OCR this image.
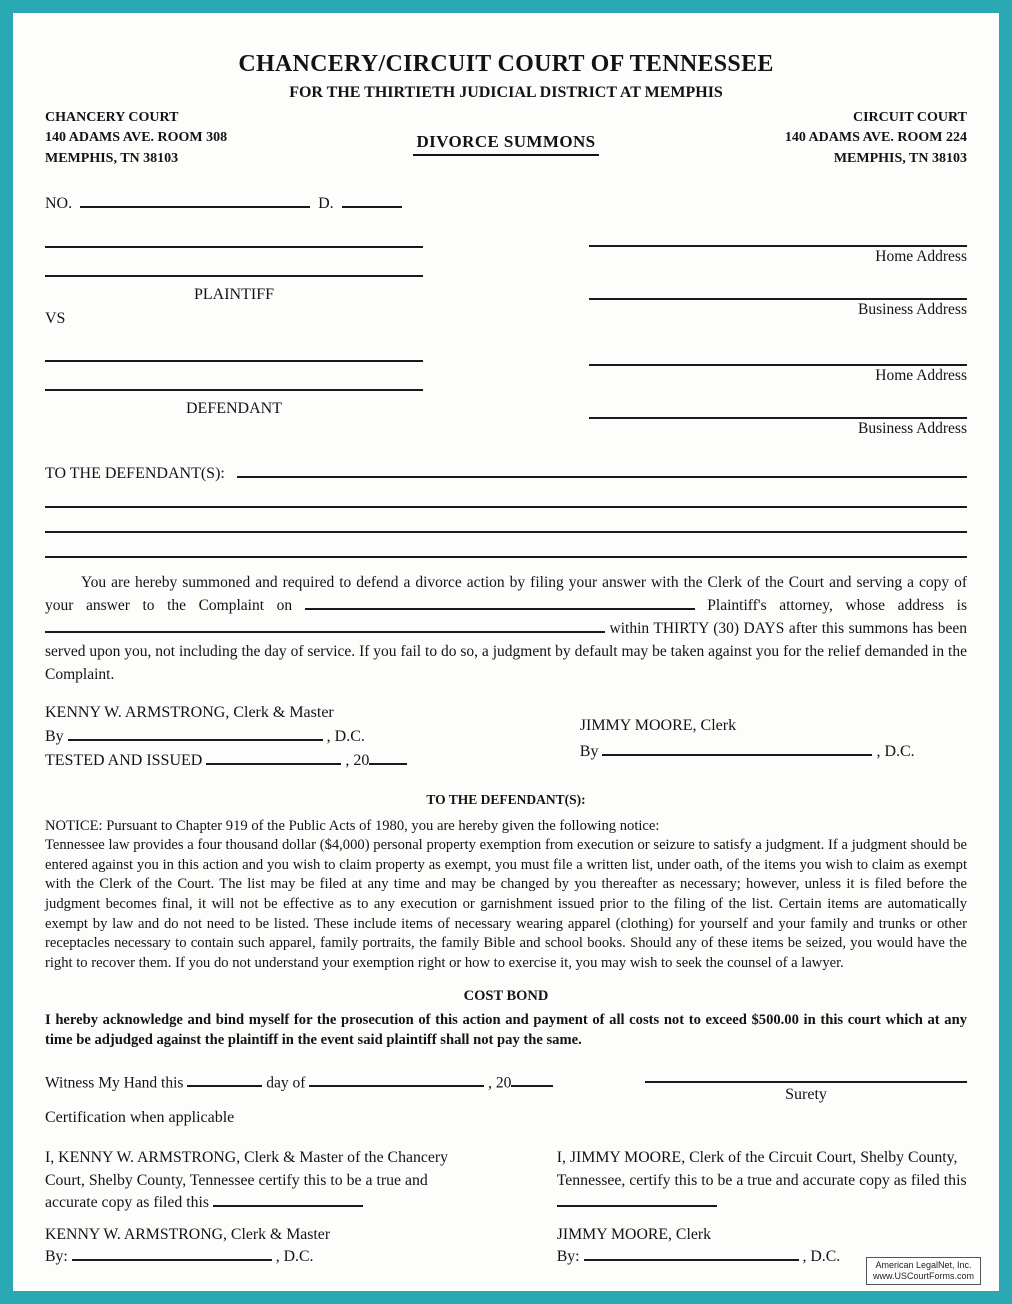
CHANCERY/CIRCUIT COURT OF TENNESSEE
FOR THE THIRTIETH JUDICIAL DISTRICT AT MEMPHIS
CHANCERY COURT
140 ADAMS AVE. ROOM 308
MEMPHIS, TN 38103
DIVORCE SUMMONS
CIRCUIT COURT
140 ADAMS AVE. ROOM 224
MEMPHIS, TN 38103
NO.	D.
PLAINTIFF
VS
DEFENDANT
Home Address
Business Address
Home Address
Business Address
TO THE DEFENDANT(S):

You are hereby summoned and required to defend a divorce action by filing your answer with the Clerk of the Court and serving a copy of your answer to the Complaint on	Plaintiff's attorney, whose address is  within THIRTY (30) DAYS after this summons has been served upon you, not including the day of service. If you fail to do so, a judgment by default may be taken against you for the relief demanded in the Complaint.

KENNY W. ARMSTRONG, Clerk & Master
By	, D.C.
TESTED AND ISSUED	, 20
JIMMY MOORE, Clerk
By	, D.C.
TO THE DEFENDANT(S):

NOTICE: Pursuant to Chapter 919 of the Public Acts of 1980, you are hereby given the following notice:
Tennessee law provides a four thousand dollar ($4,000) personal property exemption from execution or seizure to satisfy a judgment. If a judgment should be entered against you in this action and you wish to claim property as exempt, you must file a written list, under oath, of the items you wish to claim as exempt with the Clerk of the Court. The list may be filed at any time and may be changed by you thereafter as necessary; however, unless it is filed before the judgment becomes final, it will not be effective as to any execution or garnishment issued prior to the filing of the list. Certain items are automatically exempt by law and do not need to be listed. These include items of necessary wearing apparel (clothing) for yourself and your family and trunks or other receptacles necessary to contain such apparel, family portraits, the family Bible and school books. Should any of these items be seized, you would have the right to recover them. If you do not understand your exemption right or how to exercise it, you may wish to seek the counsel of a lawyer.

COST BOND

I hereby acknowledge and bind myself for the prosecution of this action and payment of all costs not to exceed $500.00 in this court which at any time be adjudged against the plaintiff in the event said plaintiff shall not pay the same.

Witness My Hand this	day of	, 20
Surety
Certification when applicable
I, KENNY W. ARMSTRONG, Clerk & Master of the Chancery Court, Shelby County, Tennessee certify this to be a true and accurate copy as filed this
KENNY W. ARMSTRONG, Clerk & Master
By:	, D.C.
I, JIMMY MOORE, Clerk of the Circuit Court, Shelby County, Tennessee, certify this to be a true and accurate copy as filed this
JIMMY MOORE, Clerk
By:	, D.C.	American LegalNet, Inc.
www.USCourtForms.com
